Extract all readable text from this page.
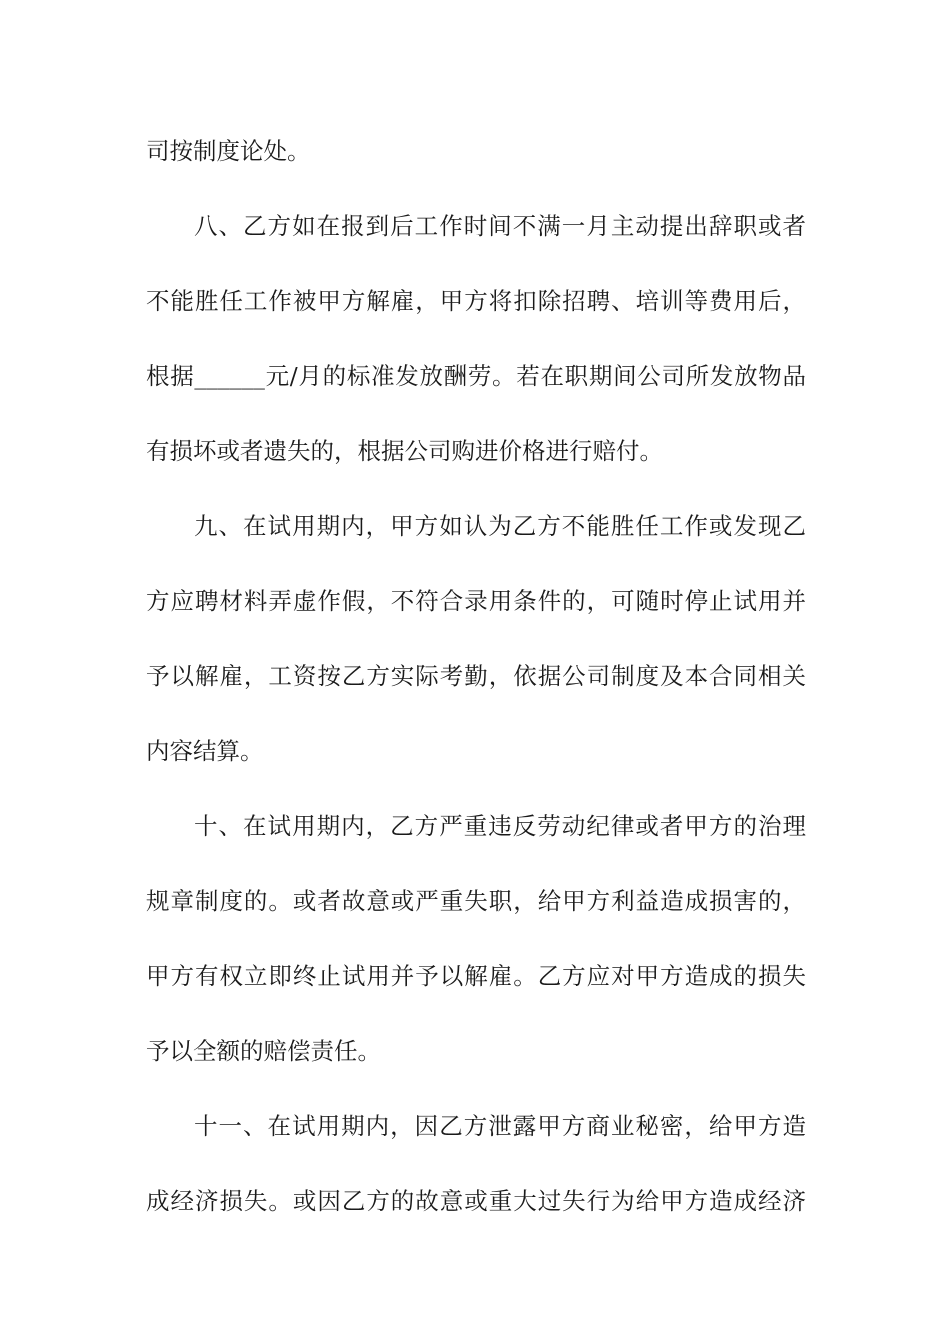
司按制度论处。
八、乙方如在报到后工作时间不满一月主动提出辞职或者
不能胜任工作被甲方解雇，甲方将扣除招聘、培训等费用后，
根据______元/月的标准发放酬劳。若在职期间公司所发放物品
有损坏或者遗失的，根据公司购进价格进行赔付。
九、在试用期内，甲方如认为乙方不能胜任工作或发现乙
方应聘材料弄虚作假，不符合录用条件的，可随时停止试用并
予以解雇，工资按乙方实际考勤，依据公司制度及本合同相关
内容结算。
十、在试用期内，乙方严重违反劳动纪律或者甲方的治理
规章制度的。或者故意或严重失职，给甲方利益造成损害的，
甲方有权立即终止试用并予以解雇。乙方应对甲方造成的损失
予以全额的赔偿责任。
十一、在试用期内，因乙方泄露甲方商业秘密，给甲方造
成经济损失。或因乙方的故意或重大过失行为给甲方造成经济
